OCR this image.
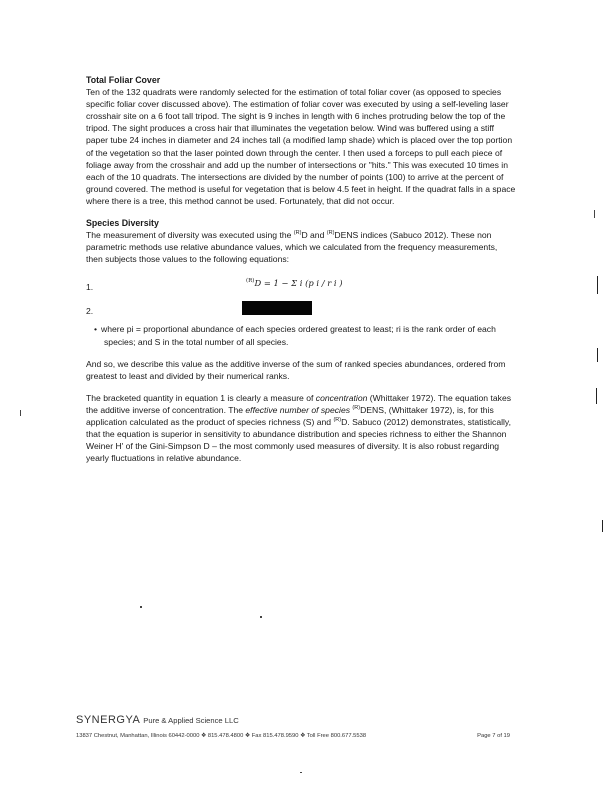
Total Foliar Cover

Ten of the 132 quadrats were randomly selected for the estimation of total foliar cover (as opposed to species specific foliar cover discussed above). The estimation of foliar cover was executed by using a self-leveling laser crosshair site on a 6 foot tall tripod. The sight is 9 inches in length with 6 inches protruding below the top of the tripod. The sight produces a cross hair that illuminates the vegetation below. Wind was buffered using a stiff paper tube 24 inches in diameter and 24 inches tall (a modified lamp shade) which is placed over the top portion of the vegetation so that the laser pointed down through the center. I then used a forceps to pull each piece of foliage away from the crosshair and add up the number of intersections or "hits." This was executed 10 times in each of the 10 quadrats. The intersections are divided by the number of points (100) to arrive at the percent of ground covered. The method is useful for vegetation that is below 4.5 feet in height. If the quadrat falls in a space where there is a tree, this method cannot be used. Fortunately, that did not occur.

Species Diversity

The measurement of diversity was executed using the $^{(R)}$D and $^{(R)}$DENS indices (Sabuco 2012). These non parametric methods use relative abundance values, which we calculated from the frequency measurements, then subjects those values to the following equations:

1.
$^{(R)}$D = 1 − Σ i (p i / r i )
2.

• where pi = proportional abundance of each species ordered greatest to least; ri is the rank order of each species; and S in the total number of all species.

And so, we describe this value as the additive inverse of the sum of ranked species abundances, ordered from greatest to least and divided by their numerical ranks.

The bracketed quantity in equation 1 is clearly a measure of concentration (Whittaker 1972). The equation takes the additive inverse of concentration. The effective number of species $^{(R)}$DENS, (Whittaker 1972), is, for this application calculated as the product of species richness (S) and $^{(R)}$D. Sabuco (2012) demonstrates, statistically, that the equation is superior in sensitivity to abundance distribution and species richness to either the Shannon Weiner H' of the Gini-Simpson D – the most commonly used measures of diversity. It is also robust regarding yearly fluctuations in relative abundance.

SYNERGYA Pure & Applied Science LLC
13837 Chestnut, Manhattan, Illinois 60442-0000 ❖ 815.478.4800 ❖ Fax 815.478.9590 ❖ Toll Free 800.677.5538	Page 7 of 19
